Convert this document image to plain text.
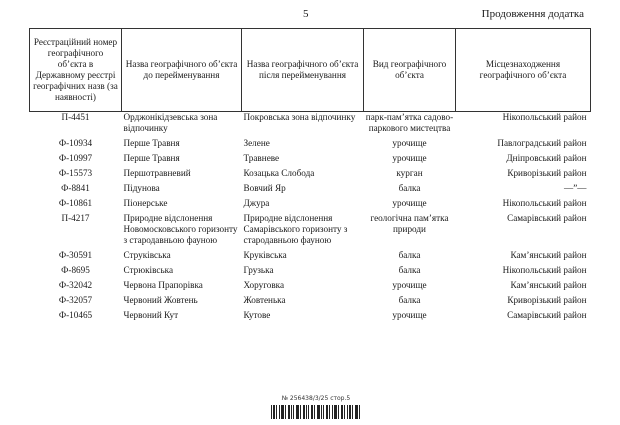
5	Продовження додатка
Реєстраційний номер географічного об’єкта в Державному реєстрі географічних назв (за наявності)	Назва географічного об’єкта до перейменування	Назва географічного об’єкта після перейменування	Вид географічного об’єкта	Місцезнаходження географічного об’єкта
П-4451	Орджонікідзевська зона відпочинку	Покровська зона відпочинку	парк-пам’ятка садово-паркового мистецтва	Нікопольський район

Ф-10934	Перше Травня	Зелене	урочище	Павлоградський район

Ф-10997	Перше Травня	Травневе	урочище	Дніпровський район

Ф-15573	Першотравневий	Козацька Слобода	курган	Криворізький район

Ф-8841	Підунова	Вовчий Яр	балка	—”—

Ф-10861	Піонерське	Джура	урочище	Нікопольський район

П-4217	Природне відслонення Новомосковського горизонту з стародавньою фауною	Природне відслонення Самарівського горизонту з стародавньою фауною	геологічна пам’ятка природи	Самарівський район

Ф-30591	Струківська	Круківська	балка	Кам’янський район

Ф-8695	Стрюківська	Грузька	балка	Нікопольський район

Ф-32042	Червона Прапорівка	Хоруговка	урочище	Кам’янський район

Ф-32057	Червоний Жовтень	Жовтенька	балка	Криворізький район

Ф-10465	Червоний Кут	Кутове	урочище	Самарівський район

№ 256438/3/25 стор.5
